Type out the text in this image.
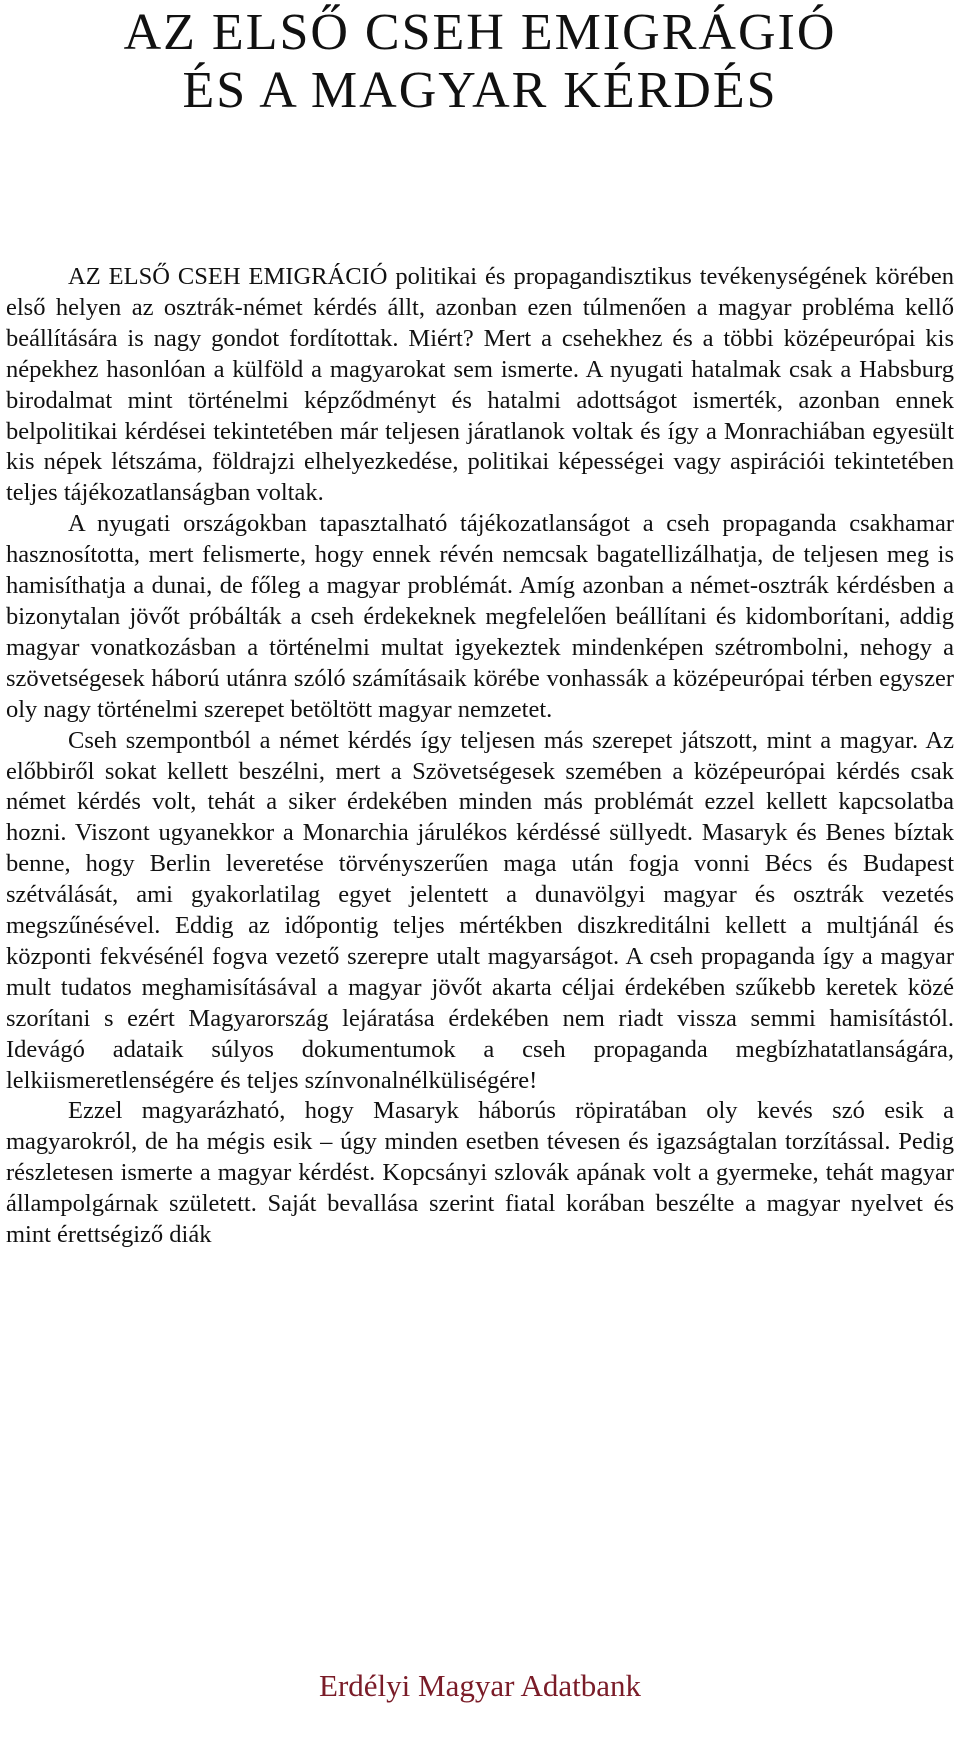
AZ ELSŐ CSEH EMIGRÁGIÓ
ÉS A MAGYAR KÉRDÉS

AZ ELSŐ CSEH EMIGRÁCIÓ politikai és propagandisztikus tevékenységének körében első helyen az osztrák-német kérdés állt, azonban ezen túlmenően a magyar probléma kellő beállítására is nagy gondot fordítottak. Miért? Mert a csehekhez és a többi középeurópai kis népekhez hasonlóan a külföld a magyarokat sem ismerte. A nyugati hatalmak csak a Habsburg birodalmat mint történelmi képződményt és hatalmi adottságot ismerték, azonban ennek belpolitikai kérdései tekintetében már teljesen járatlanok voltak és így a Monrachiában egyesült kis népek létszáma, földrajzi elhelyezkedése, politikai képességei vagy aspirációi tekintetében teljes tájékozatlanságban voltak.

A nyugati országokban tapasztalható tájékozatlanságot a cseh propaganda csakhamar hasznosította, mert felismerte, hogy ennek révén nemcsak bagatellizálhatja, de teljesen meg is hamisíthatja a dunai, de főleg a magyar problémát. Amíg azonban a német-osztrák kérdésben a bizonytalan jövőt próbálták a cseh érdekeknek megfelelően beállítani és kidomborítani, addig magyar vonatkozásban a történelmi multat igyekeztek mindenképen szétrombolni, nehogy a szövetségesek háború utánra szóló számításaik körébe vonhassák a középeurópai térben egyszer oly nagy történelmi szerepet betöltött magyar nemzetet.

Cseh szempontból a német kérdés így teljesen más szerepet játszott, mint a magyar. Az előbbiről sokat kellett beszélni, mert a Szövetségesek szemében a középeurópai kérdés csak német kérdés volt, tehát a siker érdekében minden más problémát ezzel kellett kapcsolatba hozni. Viszont ugyanekkor a Monarchia járulékos kérdéssé süllyedt. Masaryk és Benes bíztak benne, hogy Berlin leveretése törvényszerűen maga után fogja vonni Bécs és Budapest szétválását, ami gyakorlatilag egyet jelentett a dunavölgyi magyar és osztrák vezetés megszűnésével. Eddig az időpontig teljes mértékben diszkreditálni kellett a multjánál és központi fekvésénél fogva vezető szerepre utalt magyarságot. A cseh propaganda így a magyar mult tudatos meghamisításával a magyar jövőt akarta céljai érdekében szűkebb keretek közé szorítani s ezért Magyarország lejáratása érdekében nem riadt vissza semmi hamisítástól. Idevágó adataik súlyos dokumentumok a cseh propaganda megbízhatatlanságára, lelkiismeretlenségére és teljes színvonalnélküliségére!

Ezzel magyarázható, hogy Masaryk háborús röpiratában oly kevés szó esik a magyarokról, de ha mégis esik – úgy minden esetben tévesen és igazságtalan torzítással. Pedig részletesen ismerte a magyar kérdést. Kopcsányi szlovák apának volt a gyermeke, tehát magyar állampolgárnak született. Saját bevallása szerint fiatal korában beszélte a magyar nyelvet és mint érettségiző diák

Erdélyi Magyar Adatbank
